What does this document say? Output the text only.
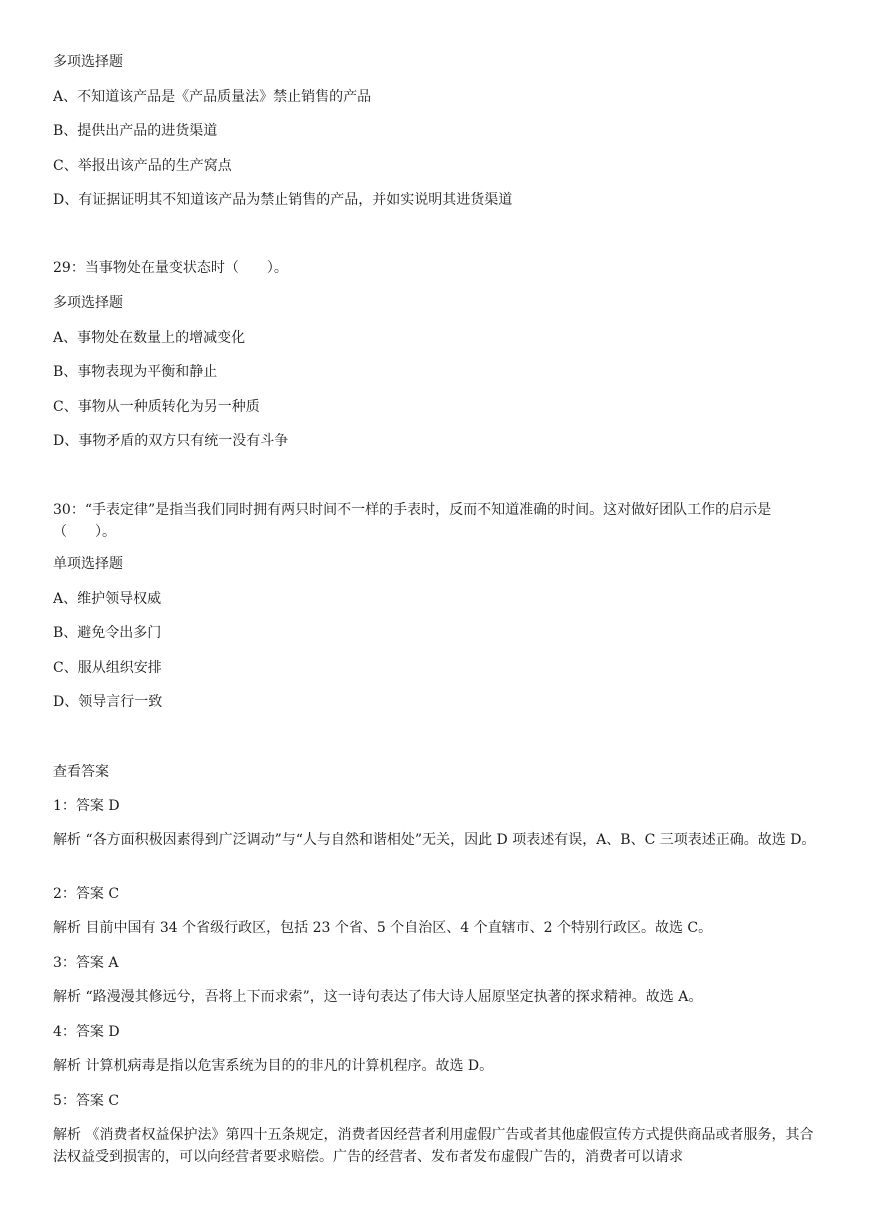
多项选择题
A、不知道该产品是《产品质量法》禁止销售的产品
B、提供出产品的进货渠道
C、举报出该产品的生产窝点
D、有证据证明其不知道该产品为禁止销售的产品，并如实说明其进货渠道
29：当事物处在量变状态时（　　）。
多项选择题
A、事物处在数量上的增减变化
B、事物表现为平衡和静止
C、事物从一种质转化为另一种质
D、事物矛盾的双方只有统一没有斗争
30：“手表定律”是指当我们同时拥有两只时间不一样的手表时，反而不知道准确的时间。这对做好团队工作的启示是（　　）。
单项选择题
A、维护领导权威
B、避免令出多门
C、服从组织安排
D、领导言行一致
查看答案
1：答案 D
解析 “各方面积极因素得到广泛调动”与“人与自然和谐相处”无关，因此 D 项表述有误，A、B、C 三项表述正确。故选 D。
2：答案 C
解析 目前中国有 34 个省级行政区，包括 23 个省、5 个自治区、4 个直辖市、2 个特别行政区。故选 C。
3：答案 A
解析 “路漫漫其修远兮，吾将上下而求索”，这一诗句表达了伟大诗人屈原坚定执著的探求精神。故选 A。
4：答案 D
解析 计算机病毒是指以危害系统为目的的非凡的计算机程序。故选 D。
5：答案 C
解析 《消费者权益保护法》第四十五条规定，消费者因经营者利用虚假广告或者其他虚假宣传方式提供商品或者服务，其合法权益受到损害的，可以向经营者要求赔偿。广告的经营者、发布者发布虚假广告的，消费者可以请求
